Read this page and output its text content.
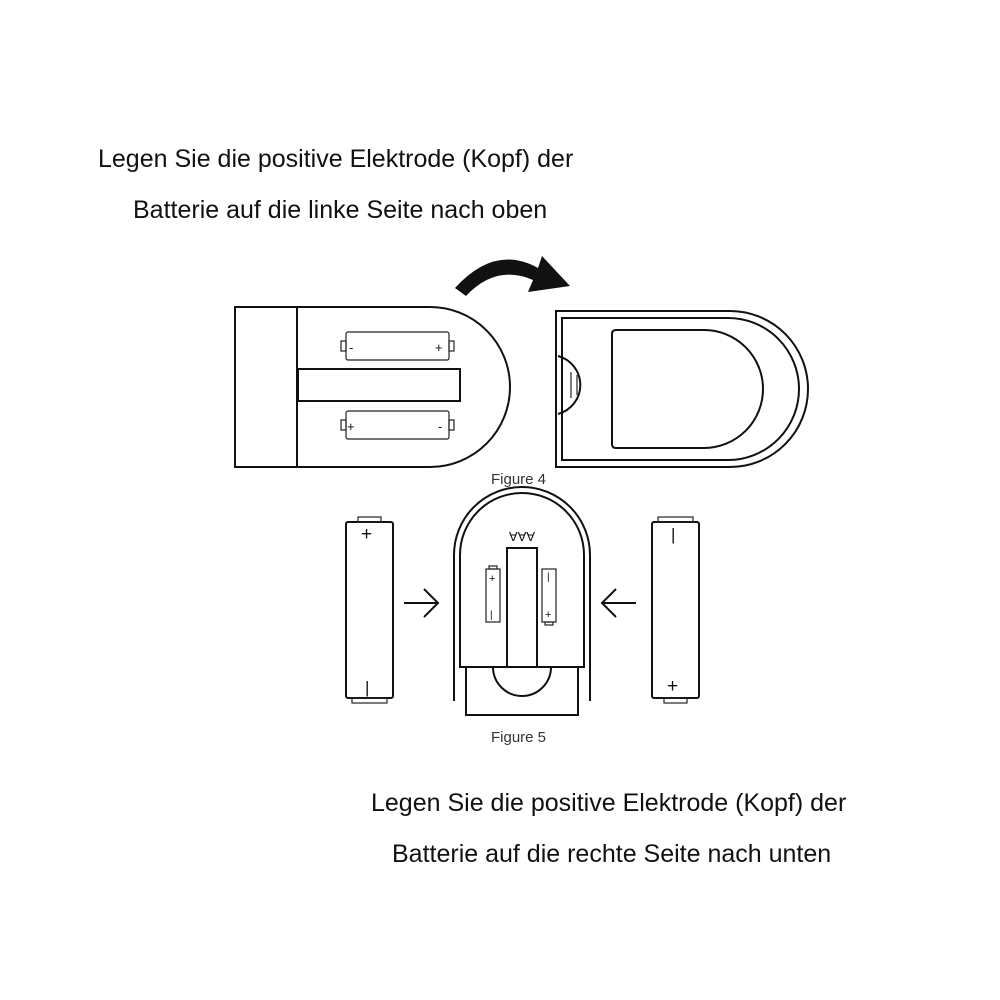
Legen Sie die positive Elektrode (Kopf) der
Batterie auf die linke Seite nach oben
Legen Sie die positive Elektrode (Kopf) der
Batterie auf die rechte Seite nach unten
Figure 4
Figure 5
-	+
+	-
+
|
AAA
+
|
|
+
|
+
